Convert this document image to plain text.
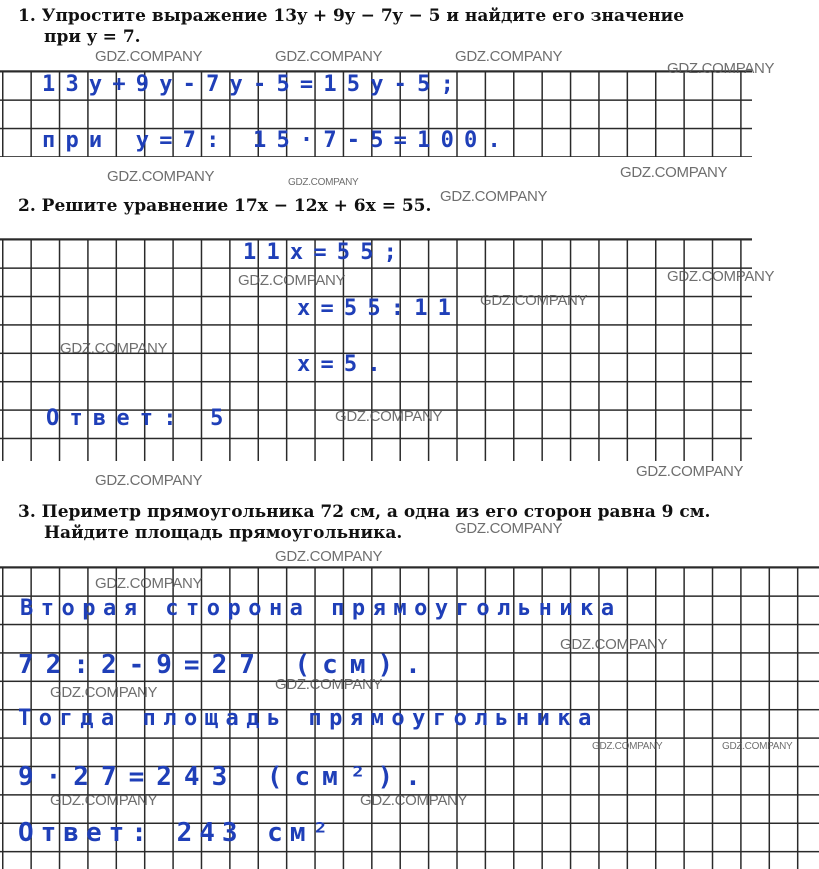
1. Упростите выражение 13y + 9y − 7y − 5 и найдите его значение
при y = 7.
13y+9y-7y-5=15y-5;
при y=7: 15·7-5=100.
2. Решите уравнение 17x − 12x + 6x = 55.
11x=55;
x=55:11
x=5.
Ответ: 5
3. Периметр прямоугольника 72 см, а одна из его сторон равна 9 см.
Найдите площадь прямоугольника.
Вторая сторона прямоугольника
72:2-9=27 (см).
Тогда площадь прямоугольника
9·27=243 (см²).
Ответ: 243 см²
GDZ.COMPANY	GDZ.COMPANY	GDZ.COMPANY
GDZ.COMPANY
GDZ.COMPANY	GDZ.COMPANY
GDZ.COMPANY
GDZ.COMPANY
GDZ.COMPANY	GDZ.COMPANY
GDZ.COMPANY
GDZ.COMPANY
GDZ.COMPANY
GDZ.COMPANY
GDZ.COMPANY
GDZ.COMPANY
GDZ.COMPANY
GDZ.COMPANY
GDZ.COMPANY
GDZ.COMPANY
GDZ.COMPANY
GDZ.COMPANY	GDZ.COMPANY
GDZ.COMPANY	GDZ.COMPANY
